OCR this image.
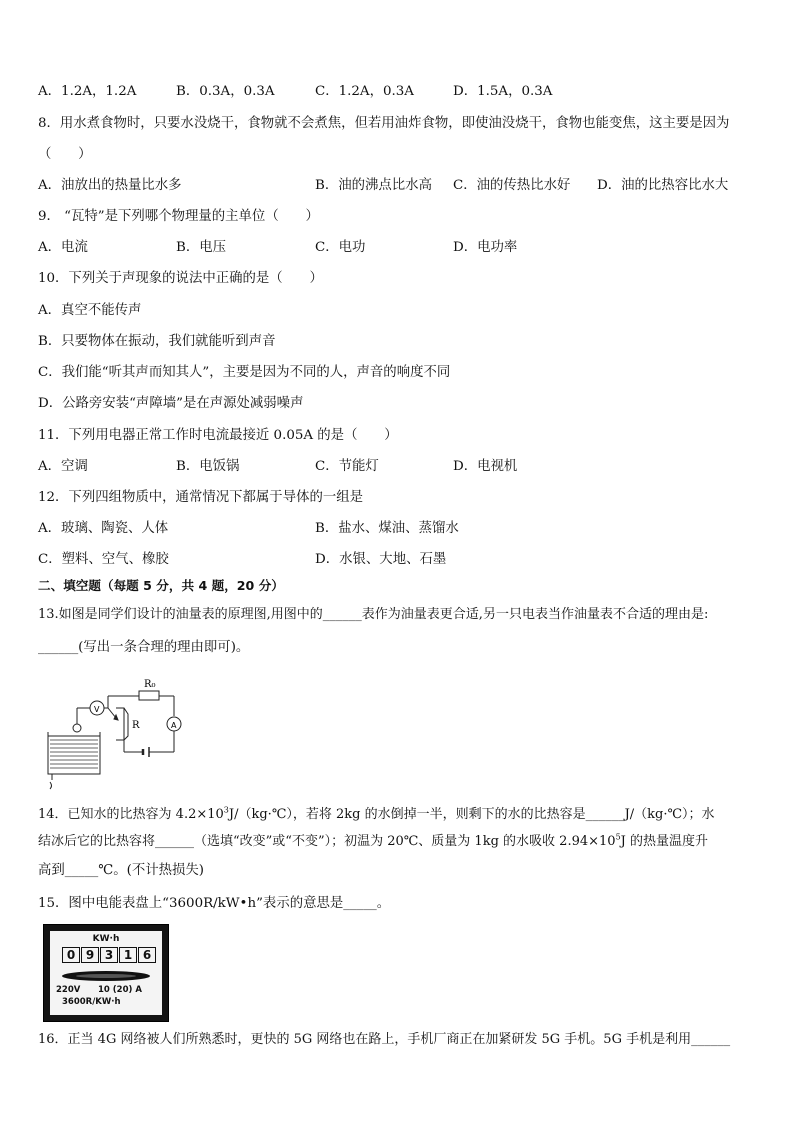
A．1.2A，1.2A	B．0.3A，0.3A	C．1.2A，0.3A	D．1.5A，0.3A
8．用水煮食物时，只要水没烧干，食物就不会煮焦，但若用油炸食物，即使油没烧干，食物也能变焦，这主要是因为
（　　）
A．油放出的热量比水多	B．油的沸点比水高 C．油的传热比水好 D．油的比热容比水大
9． “瓦特”是下列哪个物理量的主单位（　　）
A．电流	B．电压	C．电功	D．电功率
10．下列关于声现象的说法中正确的是（　　）
A．真空不能传声
B．只要物体在振动，我们就能听到声音
C．我们能“听其声而知其人”，主要是因为不同的人，声音的响度不同
D．公路旁安装“声障墙”是在声源处减弱噪声
11．下列用电器正常工作时电流最接近 0.05A 的是（　　）
A．空调	B．电饭锅	C．节能灯	D．电视机
12．下列四组物质中，通常情况下都属于导体的一组是
A．玻璃、陶瓷、人体	B．盐水、煤油、蒸馏水
C．塑料、空气、橡胶	D．水银、大地、石墨
二、填空题（每题 5 分，共 4 题，20 分）
13.如图是同学们设计的油量表的原理图,用图中的______表作为油量表更合适,另一只电表当作油量表不合适的理由是:
______(写出一条合理的理由即可)。
R₀
R
V
A
14．已知水的比热容为 $4.2\times 10^3J/(kg\cdot℃)$，若将 2kg 的水倒掉一半，则剩下的水的比热容是______J/（kg·℃）；水
结冰后它的比热容将______（选填“改变”或“不变”）；初温为 20℃、质量为 1kg 的水吸收 $2.94\times 10^5J$ 的热量温度升
高到_____℃。(不计热损失)
15．图中电能表盘上“3600R/kW•h”表示的意思是_____。
KW·h
0 9 3 1 6
220V 10 (20) A
3600R/KW·h
16．正当 4G 网络被人们所熟悉时，更快的 5G 网络也在路上，手机厂商正在加紧研发 5G 手机。5G 手机是利用______
